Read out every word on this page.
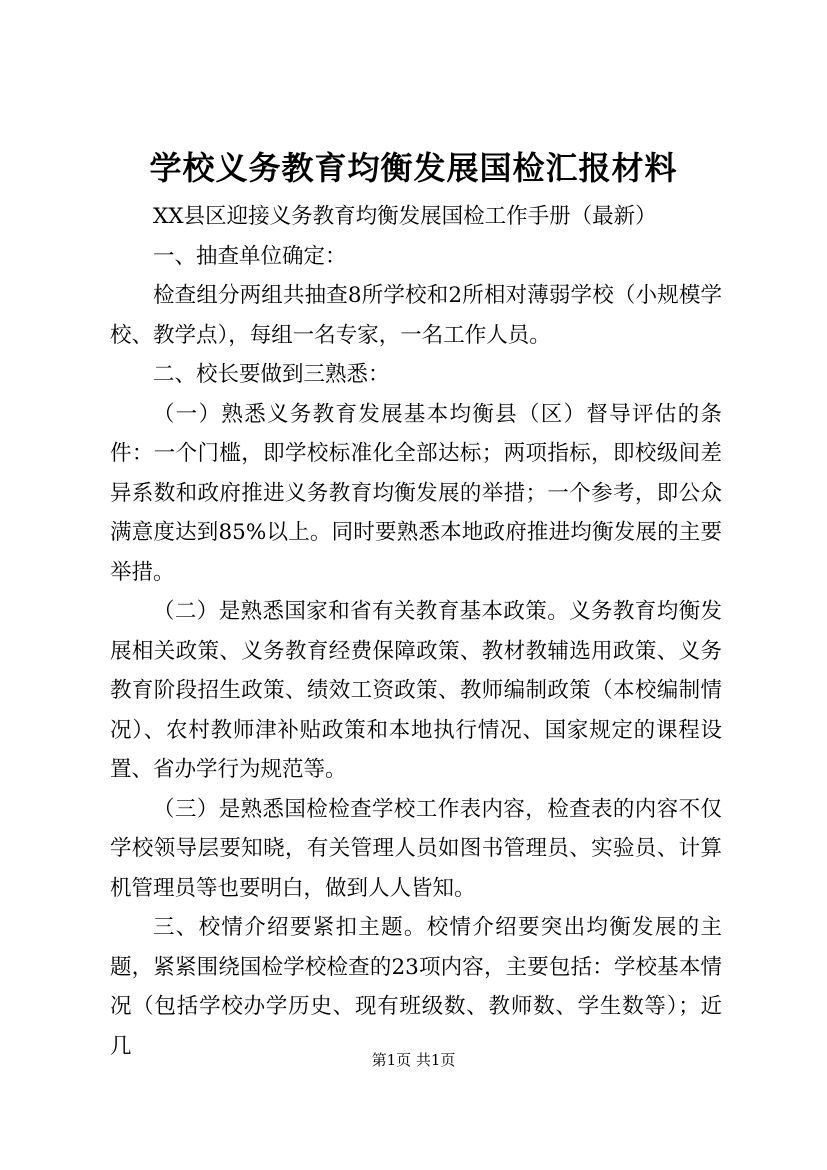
学校义务教育均衡发展国检汇报材料

XX县区迎接义务教育均衡发展国检工作手册（最新）

一、抽查单位确定：

检查组分两组共抽查8所学校和2所相对薄弱学校（小规模学校、教学点），每组一名专家，一名工作人员。

二、校长要做到三熟悉：

（一）熟悉义务教育发展基本均衡县（区）督导评估的条件：一个门槛，即学校标准化全部达标；两项指标，即校级间差异系数和政府推进义务教育均衡发展的举措；一个参考，即公众满意度达到85%以上。同时要熟悉本地政府推进均衡发展的主要举措。

（二）是熟悉国家和省有关教育基本政策。义务教育均衡发展相关政策、义务教育经费保障政策、教材教辅选用政策、义务教育阶段招生政策、绩效工资政策、教师编制政策（本校编制情况）、农村教师津补贴政策和本地执行情况、国家规定的课程设置、省办学行为规范等。

（三）是熟悉国检检查学校工作表内容，检查表的内容不仅学校领导层要知晓，有关管理人员如图书管理员、实验员、计算机管理员等也要明白，做到人人皆知。

三、校情介绍要紧扣主题。校情介绍要突出均衡发展的主题，紧紧围绕国检学校检查的23项内容，主要包括：学校基本情况（包括学校办学历史、现有班级数、教师数、学生数等）；近几

第1页 共1页
